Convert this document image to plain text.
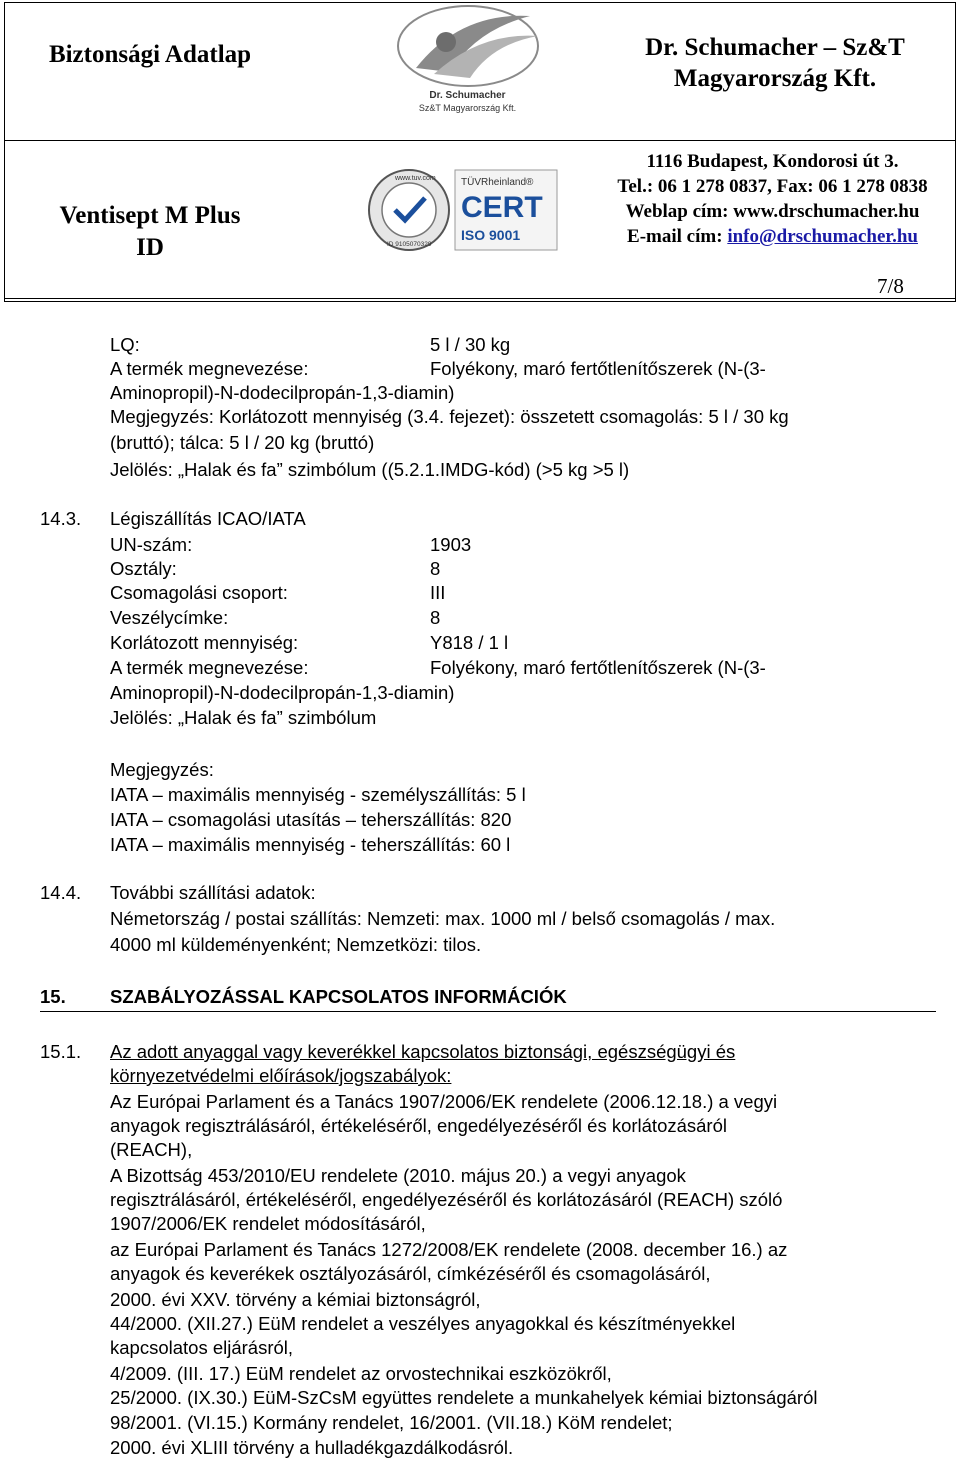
Biztonsági Adatlap
Ventisept M Plus
ID
Dr. Schumacher – Sz&T
Magyarország Kft.
1116 Budapest, Kondorosi út 3.
Tel.: 06 1 278 0837, Fax: 06 1 278 0838
Weblap cím: www.drschumacher.hu
E-mail cím: info@drschumacher.hu
7/8
Dr. Schumacher
Sz&T Magyarország Kft.
www.tuv.com
ID 9105070329
TÜVRheinland®
CERT
ISO 9001
LQ:	5 l / 30 kg
A termék megnevezése:	Folyékony, maró fertőtlenítőszerek (N-(3-
Aminopropil)-N-dodecilpropán-1,3-diamin)
Megjegyzés: Korlátozott mennyiség (3.4. fejezet): összetett csomagolás: 5 l / 30 kg
(bruttó); tálca: 5 l / 20 kg (bruttó)
Jelölés: „Halak és fa” szimbólum ((5.2.1.IMDG-kód) (>5 kg >5 l)
14.3. Légiszállítás ICAO/IATA
UN-szám:	1903
Osztály:	8
Csomagolási csoport:	III
Veszélycímke:	8
Korlátozott mennyiség:	Y818 / 1 l
A termék megnevezése:	Folyékony, maró fertőtlenítőszerek (N-(3-
Aminopropil)-N-dodecilpropán-1,3-diamin)
Jelölés: „Halak és fa” szimbólum
Megjegyzés:
IATA – maximális mennyiség - személyszállítás: 5 l
IATA – csomagolási utasítás – teherszállítás: 820
IATA – maximális mennyiség - teherszállítás: 60 l
14.4. További szállítási adatok:
Németország / postai szállítás: Nemzeti: max. 1000 ml / belső csomagolás / max.
4000 ml küldeményenként; Nemzetközi: tilos.
15. SZABÁLYOZÁSSAL KAPCSOLATOS INFORMÁCIÓK
15.1. Az adott anyaggal vagy keverékkel kapcsolatos biztonsági, egészségügyi és
környezetvédelmi előírások/jogszabályok:
Az Európai Parlament és a Tanács 1907/2006/EK rendelete (2006.12.18.) a vegyi
anyagok regisztrálásáról, értékeléséről, engedélyezéséről és korlátozásáról
(REACH),
A Bizottság 453/2010/EU rendelete (2010. május 20.) a vegyi anyagok
regisztrálásáról, értékeléséről, engedélyezéséről és korlátozásáról (REACH) szóló
1907/2006/EK rendelet módosításáról,
az Európai Parlament és Tanács 1272/2008/EK rendelete (2008. december 16.) az
anyagok és keverékek osztályozásáról, címkézéséről és csomagolásáról,
2000. évi XXV. törvény a kémiai biztonságról,
44/2000. (XII.27.) EüM rendelet a veszélyes anyagokkal és készítményekkel
kapcsolatos eljárásról,
4/2009. (III. 17.) EüM rendelet az orvostechnikai eszközökről,
25/2000. (IX.30.) EüM-SzCsM együttes rendelete a munkahelyek kémiai biztonságáról
98/2001. (VI.15.) Kormány rendelet, 16/2001. (VII.18.) KöM rendelet;
2000. évi XLIII törvény a hulladékgazdálkodásról.
